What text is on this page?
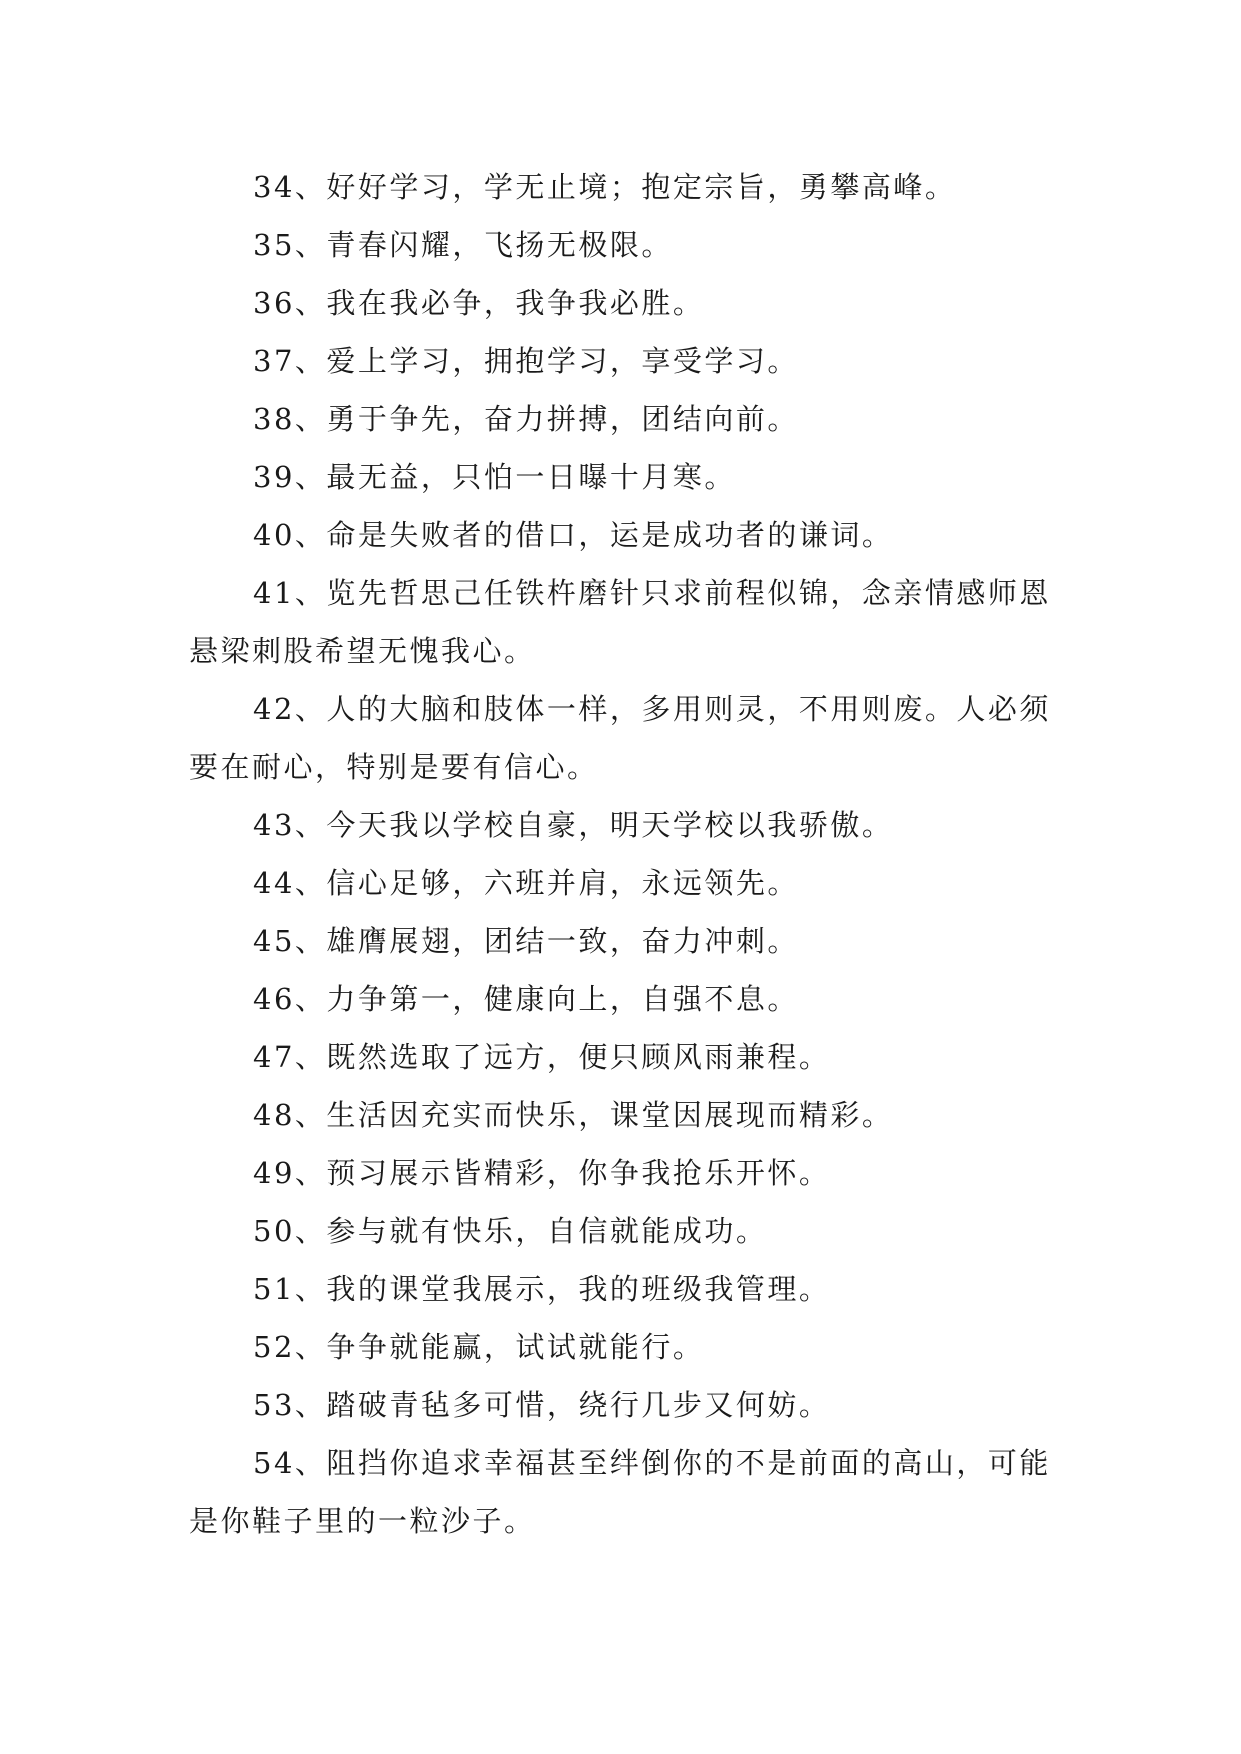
34、好好学习，学无止境；抱定宗旨，勇攀高峰。

35、青春闪耀，飞扬无极限。

36、我在我必争，我争我必胜。

37、爱上学习，拥抱学习，享受学习。

38、勇于争先，奋力拼搏，团结向前。

39、最无益，只怕一日曝十月寒。

40、命是失败者的借口，运是成功者的谦词。

41、览先哲思己任铁杵磨针只求前程似锦，念亲情感师恩悬梁刺股希望无愧我心。

42、人的大脑和肢体一样，多用则灵，不用则废。人必须要在耐心，特别是要有信心。

43、今天我以学校自豪，明天学校以我骄傲。

44、信心足够，六班并肩，永远领先。

45、雄膺展翅，团结一致，奋力冲刺。

46、力争第一，健康向上，自强不息。

47、既然选取了远方，便只顾风雨兼程。

48、生活因充实而快乐，课堂因展现而精彩。

49、预习展示皆精彩，你争我抢乐开怀。

50、参与就有快乐，自信就能成功。

51、我的课堂我展示，我的班级我管理。

52、争争就能赢，试试就能行。

53、踏破青毡多可惜，绕行几步又何妨。

54、阻挡你追求幸福甚至绊倒你的不是前面的高山，可能是你鞋子里的一粒沙子。
